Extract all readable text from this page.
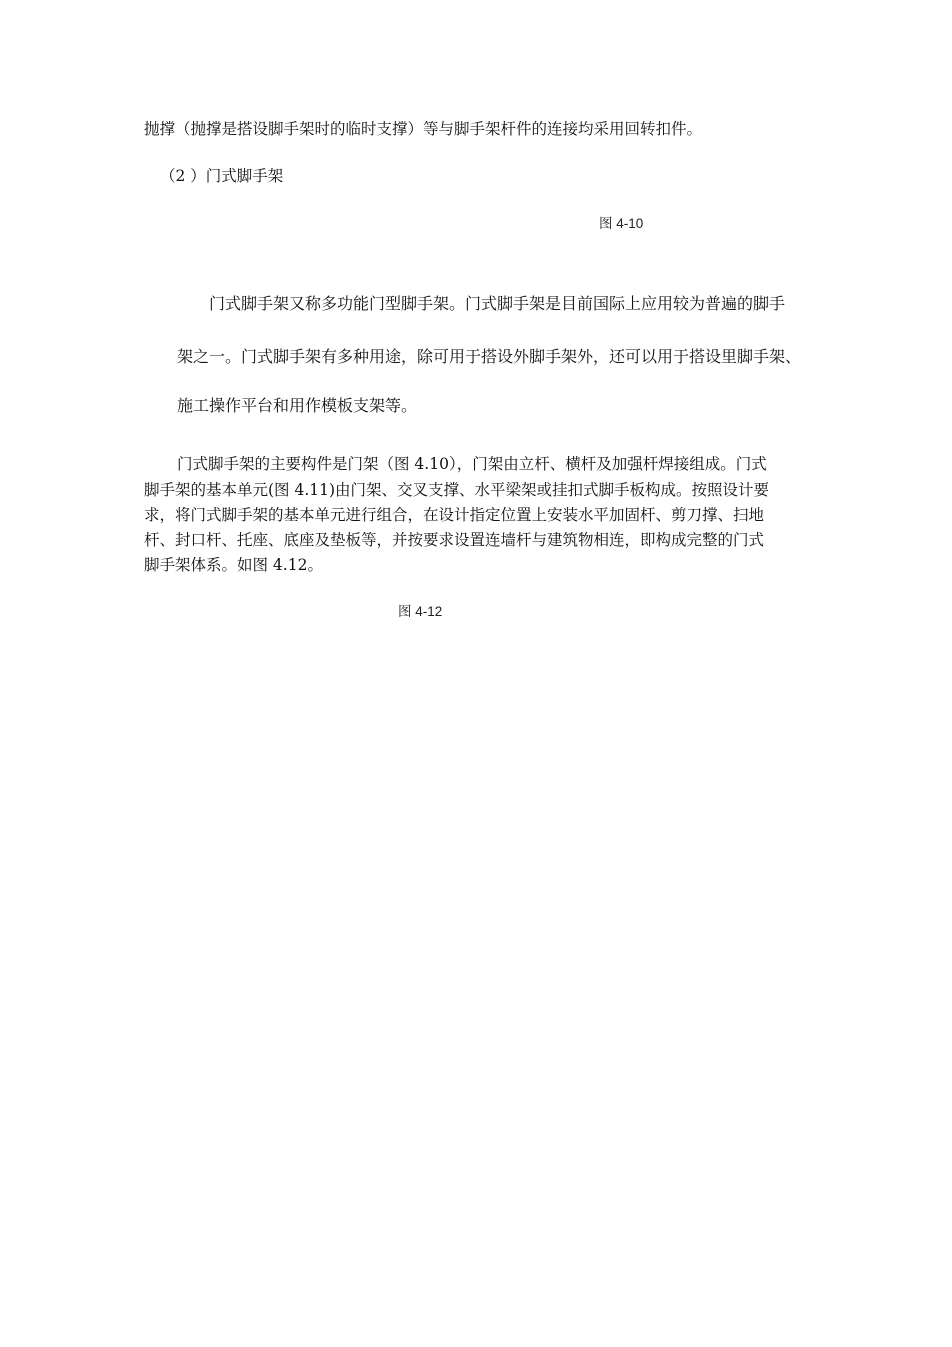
抛撑（抛撑是搭设脚手架时的临时支撑）等与脚手架杆件的连接均采用回转扣件。
（2 ）门式脚手架
图 4-10
门式脚手架又称多功能门型脚手架。门式脚手架是目前国际上应用较为普遍的脚手
架之一。门式脚手架有多种用途，除可用于搭设外脚手架外，还可以用于搭设里脚手架、
施工操作平台和用作模板支架等。
门式脚手架的主要构件是门架（图 4.10），门架由立杆、横杆及加强杆焊接组成。门式
脚手架的基本单元(图 4.11)由门架、交叉支撑、水平梁架或挂扣式脚手板构成。按照设计要
求，将门式脚手架的基本单元进行组合，在设计指定位置上安装水平加固杆、剪刀撑、扫地
杆、封口杆、托座、底座及垫板等，并按要求设置连墙杆与建筑物相连，即构成完整的门式
脚手架体系。如图 4.12。
图 4-12
